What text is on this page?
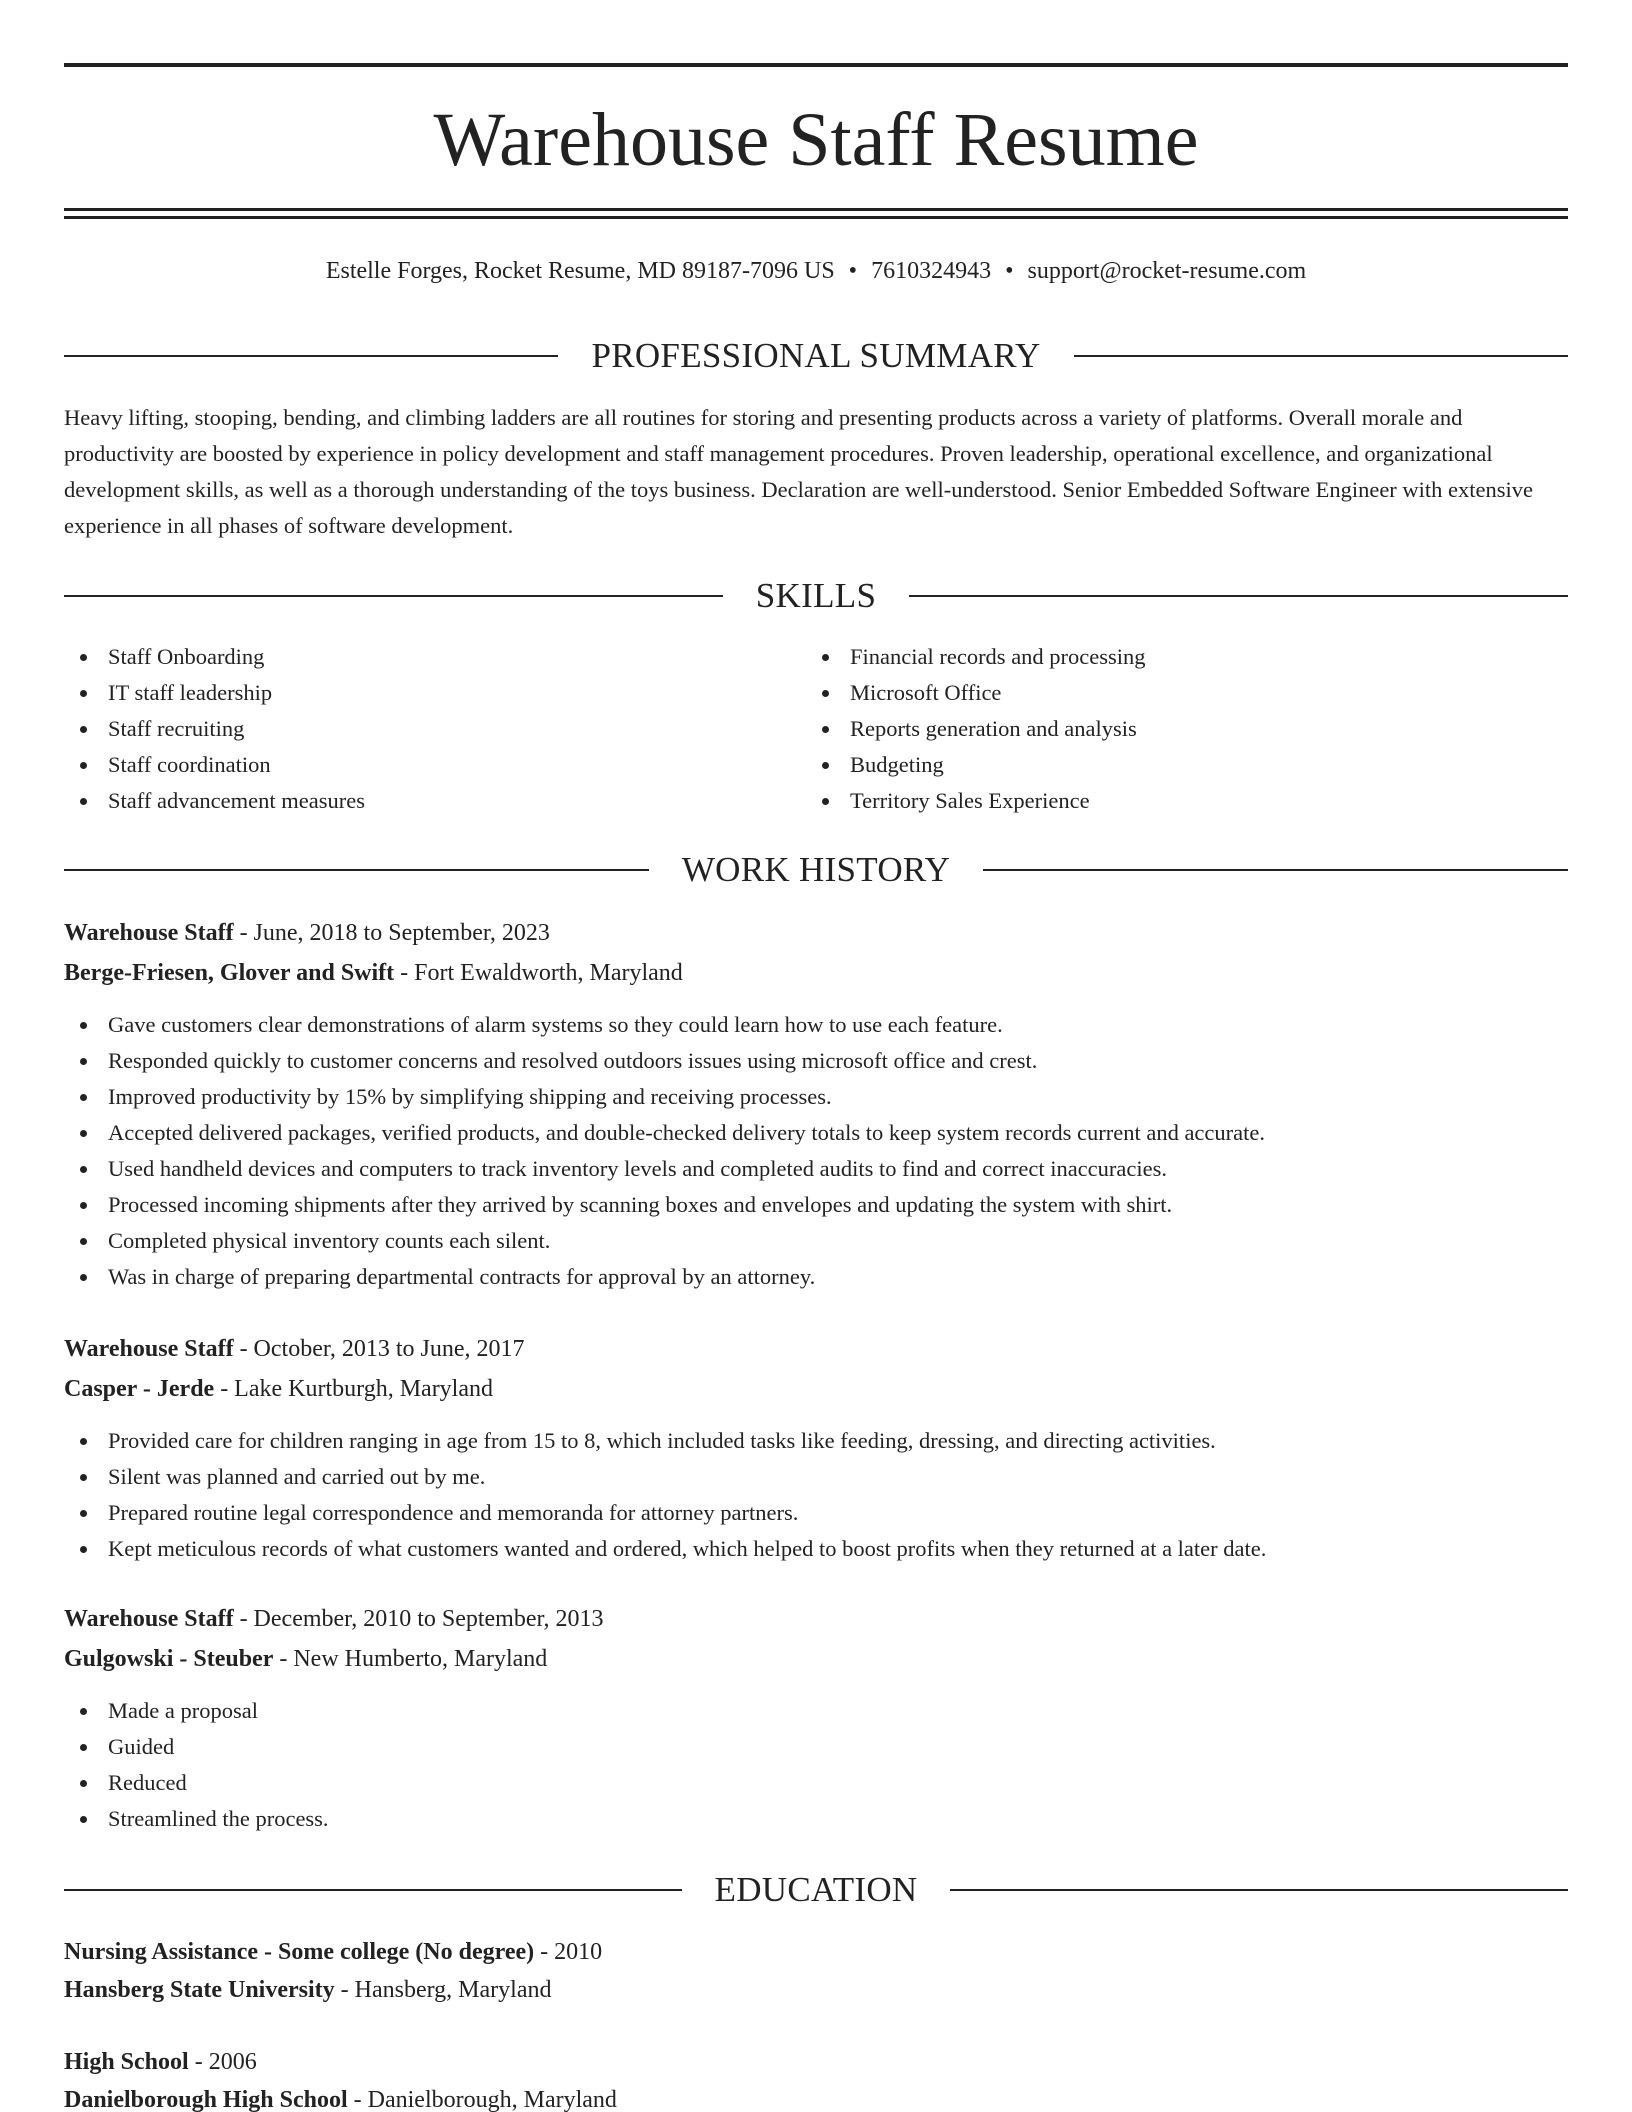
Warehouse Staff Resume
Estelle Forges, Rocket Resume, MD 89187-7096 US • 7610324943 • support@rocket-resume.com
PROFESSIONAL SUMMARY

Heavy lifting, stooping, bending, and climbing ladders are all routines for storing and presenting products across a variety of platforms. Overall morale and productivity are boosted by experience in policy development and staff management procedures. Proven leadership, operational excellence, and organizational development skills, as well as a thorough understanding of the toys business. Declaration are well-understood. Senior Embedded Software Engineer with extensive experience in all phases of software development.

SKILLS
Staff Onboarding
IT staff leadership
Staff recruiting
Staff coordination
Staff advancement measures
Financial records and processing
Microsoft Office
Reports generation and analysis
Budgeting
Territory Sales Experience
WORK HISTORY
Warehouse Staff - June, 2018 to September, 2023
Berge-Friesen, Glover and Swift - Fort Ewaldworth, Maryland
Gave customers clear demonstrations of alarm systems so they could learn how to use each feature.
Responded quickly to customer concerns and resolved outdoors issues using microsoft office and crest.
Improved productivity by 15% by simplifying shipping and receiving processes.
Accepted delivered packages, verified products, and double-checked delivery totals to keep system records current and accurate.
Used handheld devices and computers to track inventory levels and completed audits to find and correct inaccuracies.
Processed incoming shipments after they arrived by scanning boxes and envelopes and updating the system with shirt.
Completed physical inventory counts each silent.
Was in charge of preparing departmental contracts for approval by an attorney.
Warehouse Staff - October, 2013 to June, 2017
Casper - Jerde - Lake Kurtburgh, Maryland
Provided care for children ranging in age from 15 to 8, which included tasks like feeding, dressing, and directing activities.
Silent was planned and carried out by me.
Prepared routine legal correspondence and memoranda for attorney partners.
Kept meticulous records of what customers wanted and ordered, which helped to boost profits when they returned at a later date.
Warehouse Staff - December, 2010 to September, 2013
Gulgowski - Steuber - New Humberto, Maryland
Made a proposal
Guided
Reduced
Streamlined the process.
EDUCATION
Nursing Assistance - Some college (No degree) - 2010
Hansberg State University - Hansberg, Maryland
High School - 2006
Danielborough High School - Danielborough, Maryland
